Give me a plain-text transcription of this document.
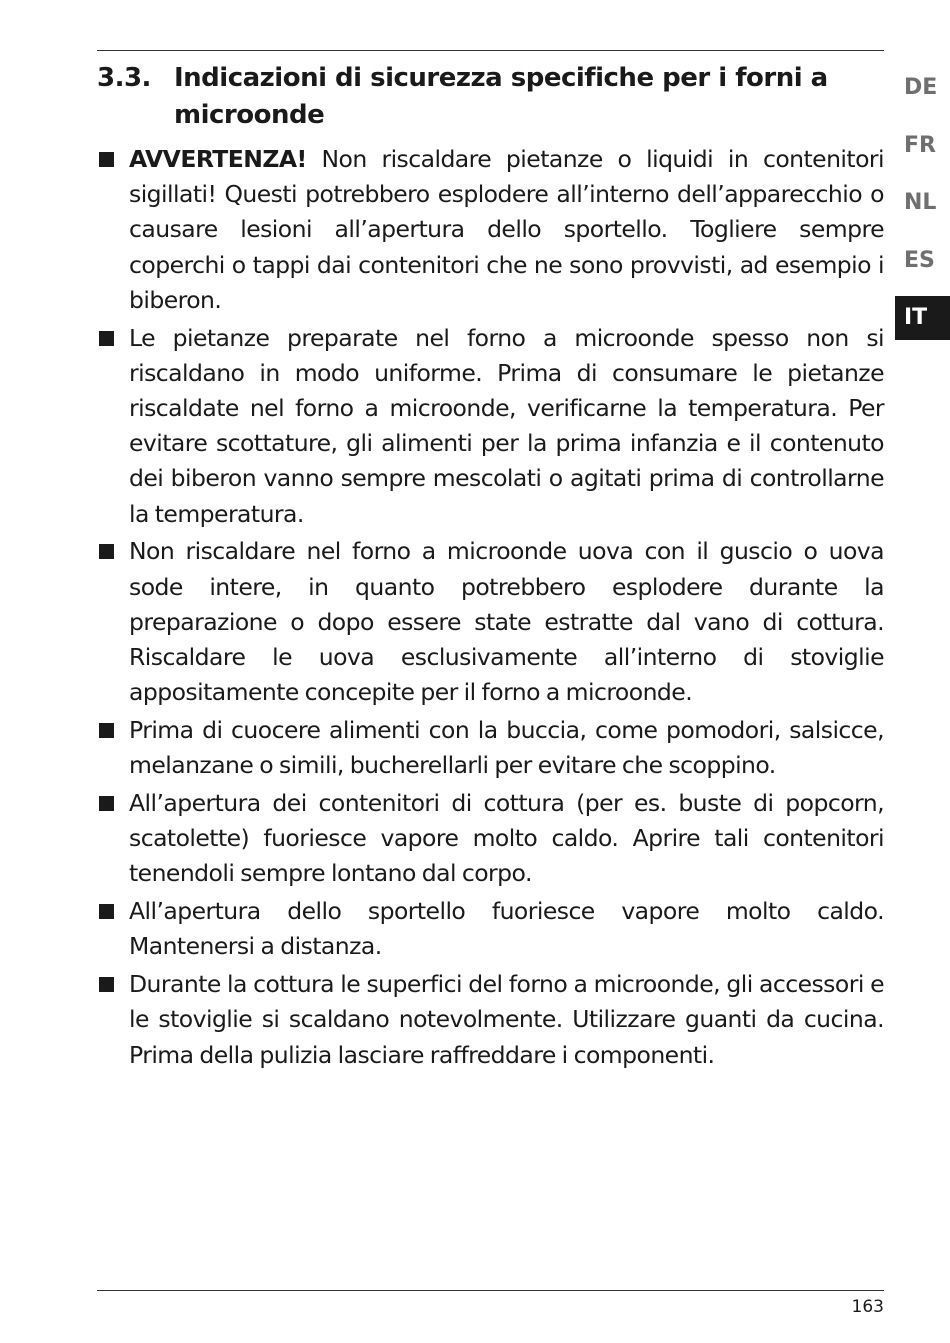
3.3. Indicazioni di sicurezza specifiche per i forni a microonde
AVVERTENZA! Non riscaldare pietanze o liquidi in contenitori sigillati! Questi potrebbero esplodere all’interno dell’apparecchio o causare lesioni all’apertura dello sportello. Togliere sempre coperchi o tappi dai contenitori che ne sono provvisti, ad esempio i biberon.
Le pietanze preparate nel forno a microonde spesso non si riscaldano in modo uniforme. Prima di consumare le pietanze riscaldate nel forno a microonde, verificarne la temperatura. Per evitare scottature, gli alimenti per la prima infanzia e il contenuto dei biberon vanno sempre mescolati o agitati prima di controllarne la temperatura.
Non riscaldare nel forno a microonde uova con il guscio o uova sode intere, in quanto potrebbero esplodere durante la preparazione o dopo essere state estratte dal vano di cottura. Riscaldare le uova esclusivamente all’interno di stoviglie appositamente concepite per il forno a microonde.
Prima di cuocere alimenti con la buccia, come pomodori, salsicce, melanzane o simili, bucherellarli per evitare che scoppino.
All’apertura dei contenitori di cottura (per es. buste di popcorn, scatolette) fuoriesce vapore molto caldo. Aprire tali contenitori tenendoli sempre lontano dal corpo.
All’apertura dello sportello fuoriesce vapore molto caldo. Mantenersi a distanza.
Durante la cottura le superfici del forno a microonde, gli accessori e le stoviglie si scaldano notevolmente. Utilizzare guanti da cucina. Prima della pulizia lasciare raffreddare i componenti.
DE
FR
NL
ES
IT
163
